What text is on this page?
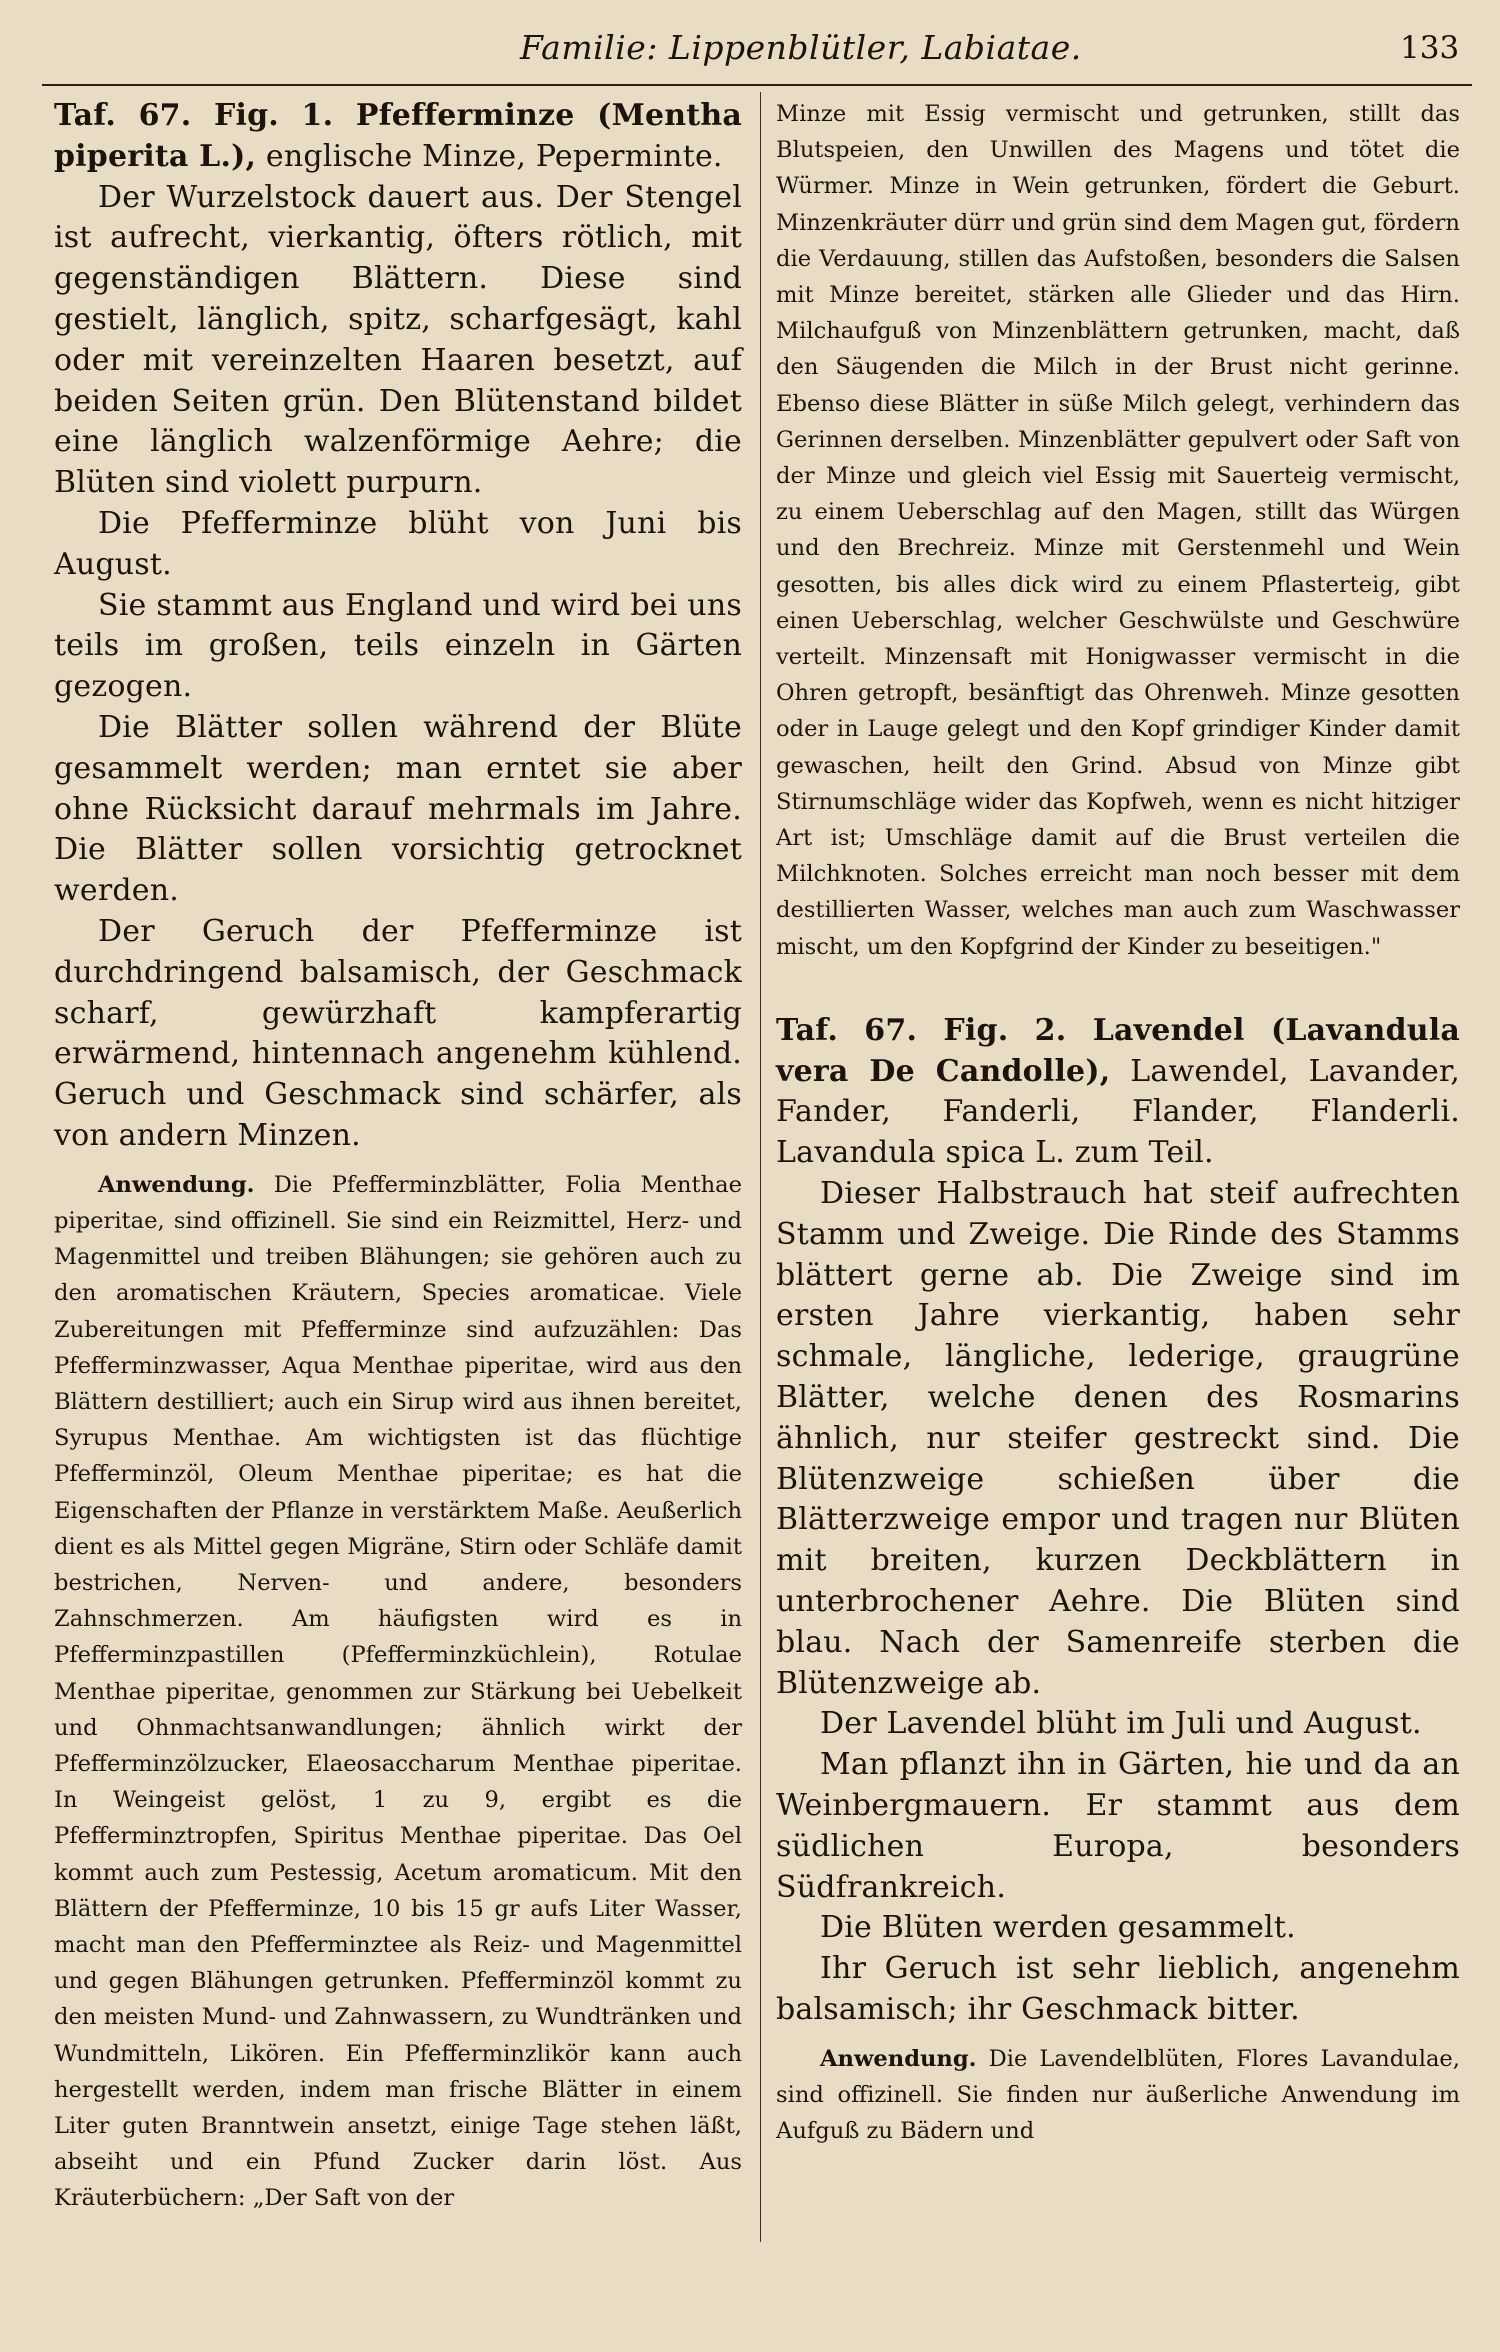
Familie: Lippenblütler, Labiatae.	133

Taf. 67. Fig. 1. Pfefferminze (Mentha piperita L.), englische Minze, Peperminte.

Der Wurzelstock dauert aus. Der Stengel ist aufrecht, vierkantig, öfters rötlich, mit gegenständigen Blättern. Diese sind gestielt, länglich, spitz, scharfgesägt, kahl oder mit vereinzelten Haaren besetzt, auf beiden Seiten grün. Den Blütenstand bildet eine länglich walzenförmige Aehre; die Blüten sind violett purpurn.

Die Pfefferminze blüht von Juni bis August.

Sie stammt aus England und wird bei uns teils im großen, teils einzeln in Gärten gezogen.

Die Blätter sollen während der Blüte gesammelt werden; man erntet sie aber ohne Rücksicht darauf mehrmals im Jahre. Die Blätter sollen vorsichtig getrocknet werden.

Der Geruch der Pfefferminze ist durchdringend balsamisch, der Geschmack scharf, gewürzhaft kampferartig erwärmend, hintennach angenehm kühlend. Geruch und Geschmack sind schärfer, als von andern Minzen.

Anwendung. Die Pfefferminzblätter, Folia Menthae piperitae, sind offizinell. Sie sind ein Reizmittel, Herz- und Magenmittel und treiben Blähungen; sie gehören auch zu den aromatischen Kräutern, Species aromaticae. Viele Zubereitungen mit Pfefferminze sind aufzuzählen: Das Pfefferminzwasser, Aqua Menthae piperitae, wird aus den Blättern destilliert; auch ein Sirup wird aus ihnen bereitet, Syrupus Menthae. Am wichtigsten ist das flüchtige Pfefferminzöl, Oleum Menthae piperitae; es hat die Eigenschaften der Pflanze in verstärktem Maße. Aeußerlich dient es als Mittel gegen Migräne, Stirn oder Schläfe damit bestrichen, Nerven- und andere, besonders Zahnschmerzen. Am häufigsten wird es in Pfefferminzpastillen (Pfefferminzküchlein), Rotulae Menthae piperitae, genommen zur Stärkung bei Uebelkeit und Ohnmachtsanwandlungen; ähnlich wirkt der Pfefferminzölzucker, Elaeosaccharum Menthae piperitae. In Weingeist gelöst, 1 zu 9, ergibt es die Pfefferminztropfen, Spiritus Menthae piperitae. Das Oel kommt auch zum Pestessig, Acetum aromaticum. Mit den Blättern der Pfefferminze, 10 bis 15 gr aufs Liter Wasser, macht man den Pfefferminztee als Reiz- und Magenmittel und gegen Blähungen getrunken. Pfefferminzöl kommt zu den meisten Mund- und Zahnwassern, zu Wundtränken und Wundmitteln, Likören. Ein Pfefferminzlikör kann auch hergestellt werden, indem man frische Blätter in einem Liter guten Branntwein ansetzt, einige Tage stehen läßt, abseiht und ein Pfund Zucker darin löst. Aus Kräuterbüchern: „Der Saft von der

Minze mit Essig vermischt und getrunken, stillt das Blutspeien, den Unwillen des Magens und tötet die Würmer. Minze in Wein getrunken, fördert die Geburt. Minzenkräuter dürr und grün sind dem Magen gut, fördern die Verdauung, stillen das Aufstoßen, besonders die Salsen mit Minze bereitet, stärken alle Glieder und das Hirn. Milchaufguß von Minzenblättern getrunken, macht, daß den Säugenden die Milch in der Brust nicht gerinne. Ebenso diese Blätter in süße Milch gelegt, verhindern das Gerinnen derselben. Minzenblätter gepulvert oder Saft von der Minze und gleich viel Essig mit Sauerteig vermischt, zu einem Ueberschlag auf den Magen, stillt das Würgen und den Brechreiz. Minze mit Gerstenmehl und Wein gesotten, bis alles dick wird zu einem Pflasterteig, gibt einen Ueberschlag, welcher Geschwülste und Geschwüre verteilt. Minzensaft mit Honigwasser vermischt in die Ohren getropft, besänftigt das Ohrenweh. Minze gesotten oder in Lauge gelegt und den Kopf grindiger Kinder damit gewaschen, heilt den Grind. Absud von Minze gibt Stirnumschläge wider das Kopfweh, wenn es nicht hitziger Art ist; Umschläge damit auf die Brust verteilen die Milchknoten. Solches erreicht man noch besser mit dem destillierten Wasser, welches man auch zum Waschwasser mischt, um den Kopfgrind der Kinder zu beseitigen."

Taf. 67. Fig. 2. Lavendel (Lavandula vera De Candolle), Lawendel, Lavander, Fander, Fanderli, Flander, Flanderli. Lavandula spica L. zum Teil.

Dieser Halbstrauch hat steif aufrechten Stamm und Zweige. Die Rinde des Stamms blättert gerne ab. Die Zweige sind im ersten Jahre vierkantig, haben sehr schmale, längliche, lederige, graugrüne Blätter, welche denen des Rosmarins ähnlich, nur steifer gestreckt sind. Die Blütenzweige schießen über die Blätterzweige empor und tragen nur Blüten mit breiten, kurzen Deckblättern in unterbrochener Aehre. Die Blüten sind blau. Nach der Samenreife sterben die Blütenzweige ab.

Der Lavendel blüht im Juli und August.

Man pflanzt ihn in Gärten, hie und da an Weinbergmauern. Er stammt aus dem südlichen Europa, besonders Südfrankreich.

Die Blüten werden gesammelt.

Ihr Geruch ist sehr lieblich, angenehm balsamisch; ihr Geschmack bitter.

Anwendung. Die Lavendelblüten, Flores Lavandulae, sind offizinell. Sie finden nur äußerliche Anwendung im Aufguß zu Bädern und
